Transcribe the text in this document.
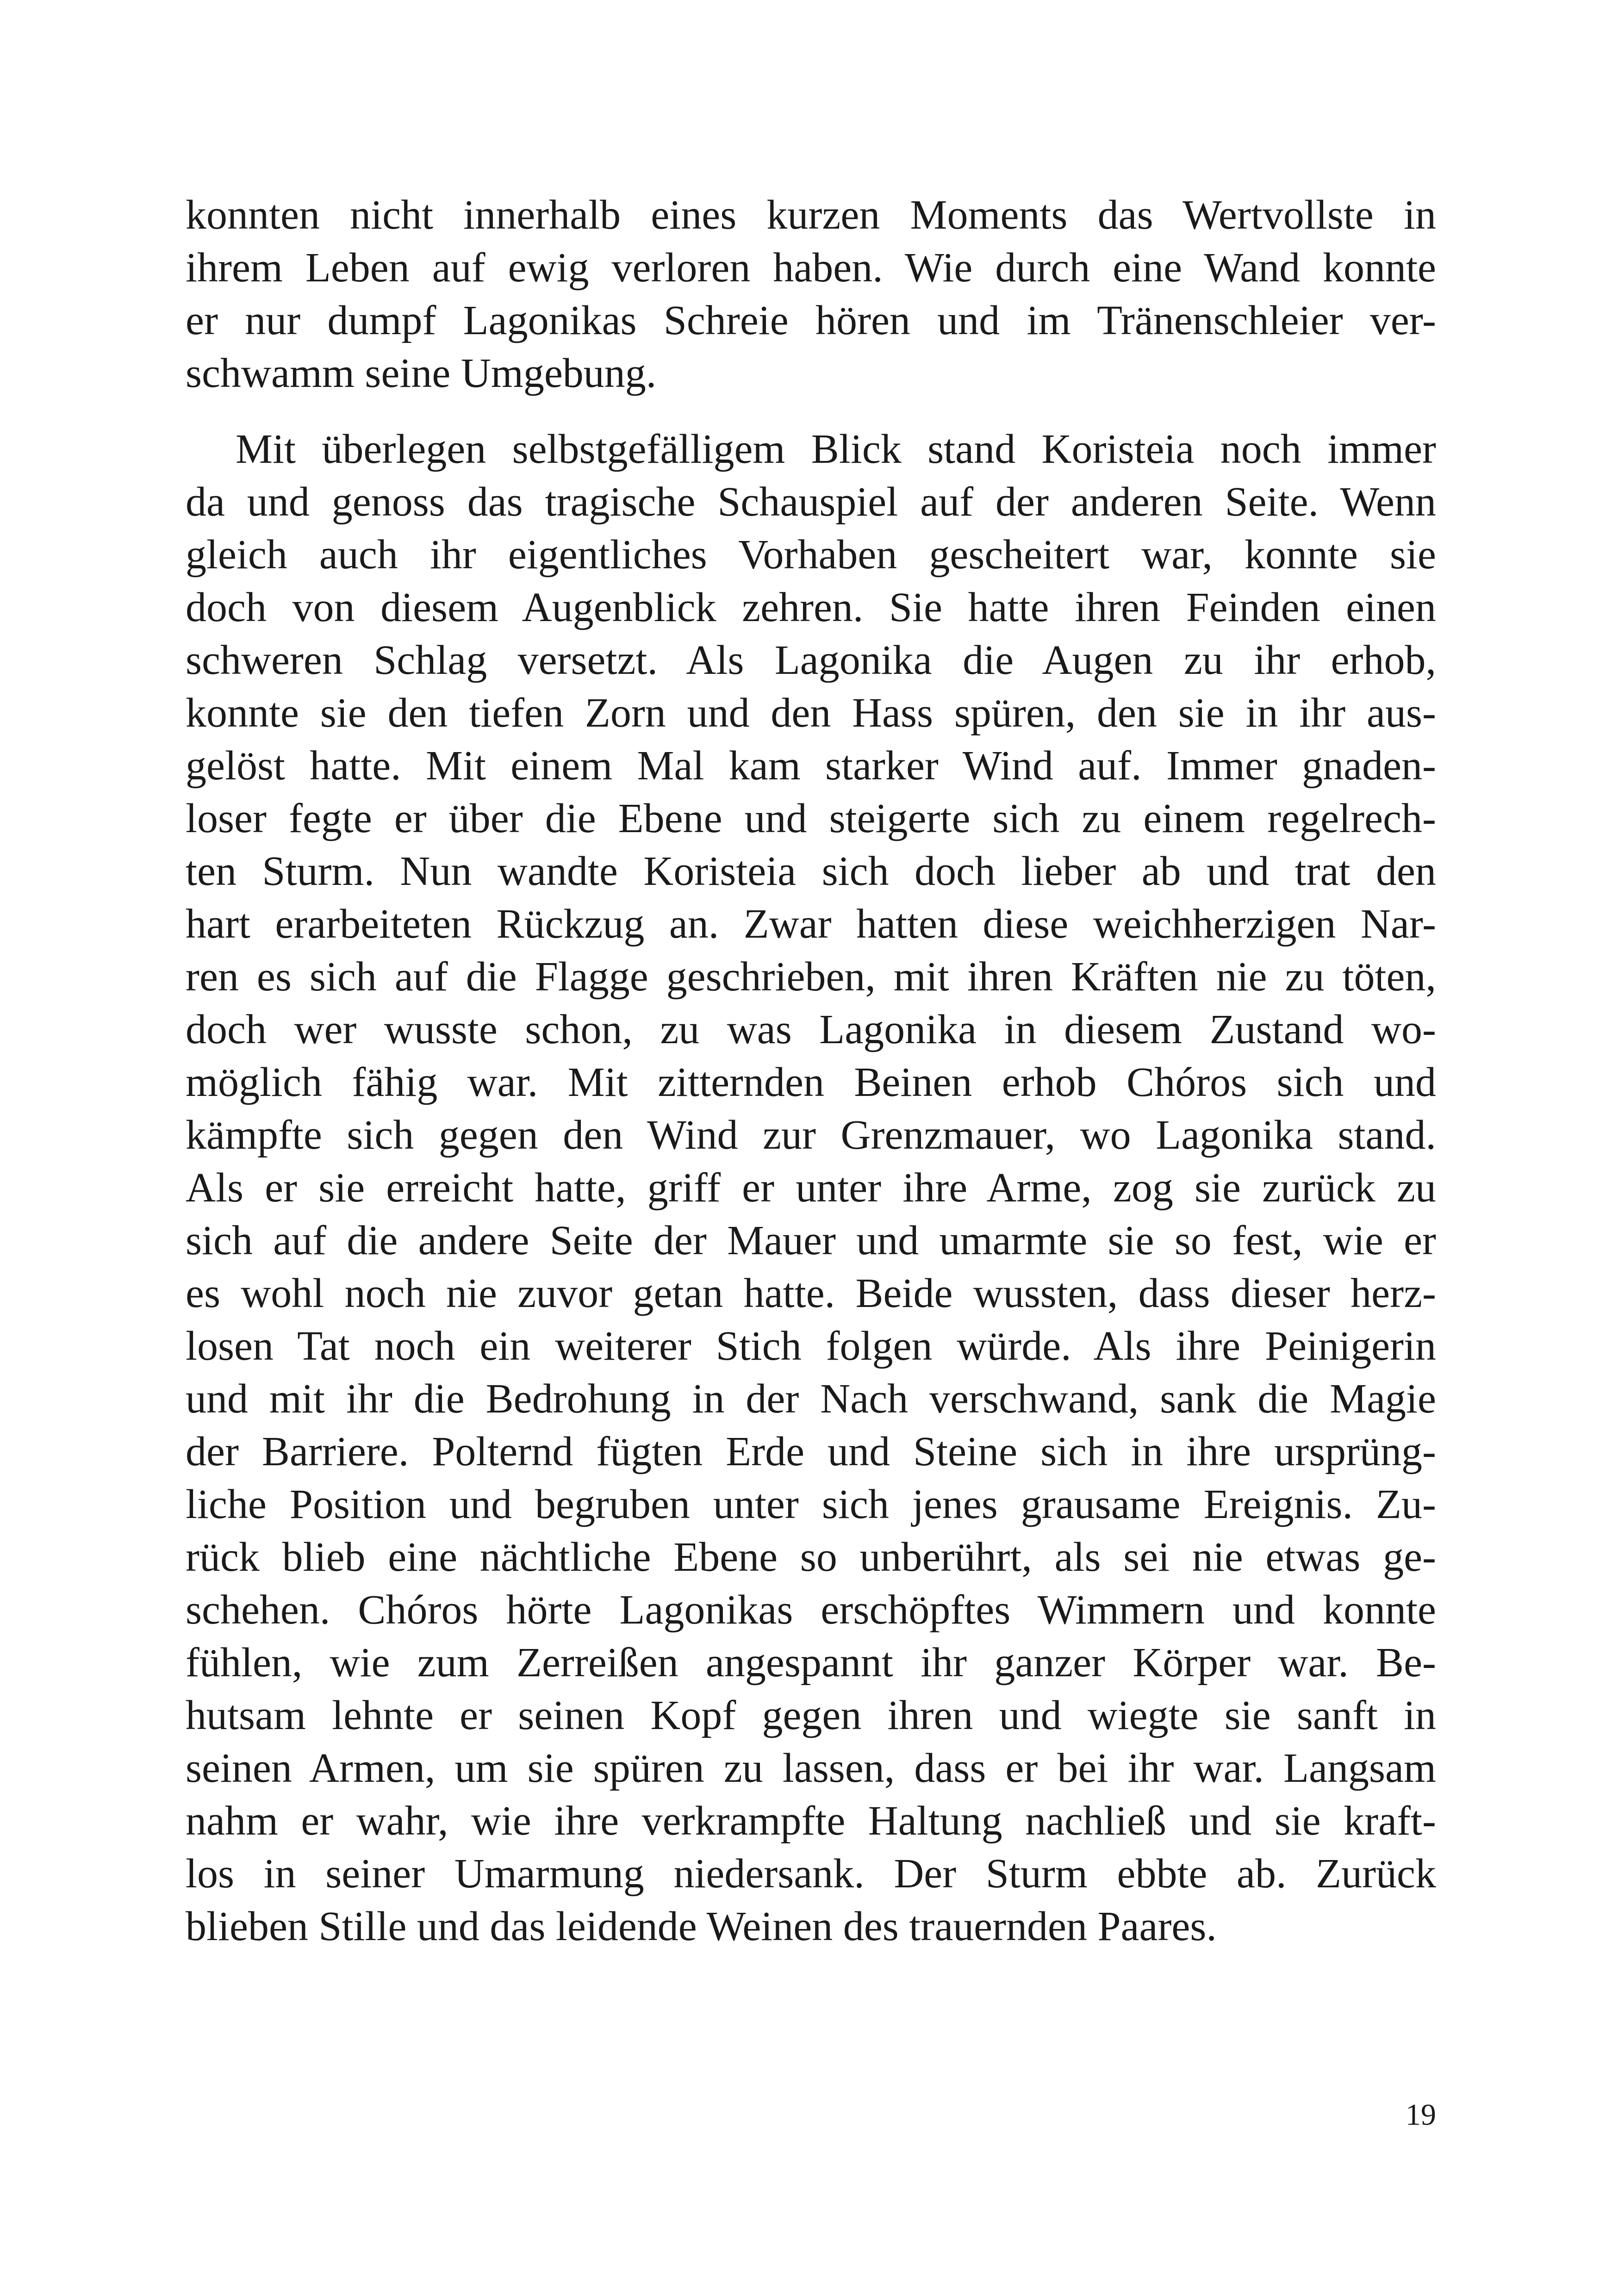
konnten nicht innerhalb eines kurzen Moments das Wertvollste in
ihrem Leben auf ewig verloren haben. Wie durch eine Wand konnte
er nur dumpf Lagonikas Schreie hören und im Tränenschleier ver-
schwamm seine Umgebung.
Mit überlegen selbstgefälligem Blick stand Koristeia noch immer
da und genoss das tragische Schauspiel auf der anderen Seite. Wenn
gleich auch ihr eigentliches Vorhaben gescheitert war, konnte sie
doch von diesem Augenblick zehren. Sie hatte ihren Feinden einen
schweren Schlag versetzt. Als Lagonika die Augen zu ihr erhob,
konnte sie den tiefen Zorn und den Hass spüren, den sie in ihr aus-
gelöst hatte. Mit einem Mal kam starker Wind auf. Immer gnaden-
loser fegte er über die Ebene und steigerte sich zu einem regelrech-
ten Sturm. Nun wandte Koristeia sich doch lieber ab und trat den
hart erarbeiteten Rückzug an. Zwar hatten diese weichherzigen Nar-
ren es sich auf die Flagge geschrieben, mit ihren Kräften nie zu töten,
doch wer wusste schon, zu was Lagonika in diesem Zustand wo-
möglich fähig war. Mit zitternden Beinen erhob Chóros sich und
kämpfte sich gegen den Wind zur Grenzmauer, wo Lagonika stand.
Als er sie erreicht hatte, griff er unter ihre Arme, zog sie zurück zu
sich auf die andere Seite der Mauer und umarmte sie so fest, wie er
es wohl noch nie zuvor getan hatte. Beide wussten, dass dieser herz-
losen Tat noch ein weiterer Stich folgen würde. Als ihre Peinigerin
und mit ihr die Bedrohung in der Nach verschwand, sank die Magie
der Barriere. Polternd fügten Erde und Steine sich in ihre ursprüng-
liche Position und begruben unter sich jenes grausame Ereignis. Zu-
rück blieb eine nächtliche Ebene so unberührt, als sei nie etwas ge-
schehen. Chóros hörte Lagonikas erschöpftes Wimmern und konnte
fühlen, wie zum Zerreißen angespannt ihr ganzer Körper war. Be-
hutsam lehnte er seinen Kopf gegen ihren und wiegte sie sanft in
seinen Armen, um sie spüren zu lassen, dass er bei ihr war. Langsam
nahm er wahr, wie ihre verkrampfte Haltung nachließ und sie kraft-
los in seiner Umarmung niedersank. Der Sturm ebbte ab. Zurück
blieben Stille und das leidende Weinen des trauernden Paares.
19
